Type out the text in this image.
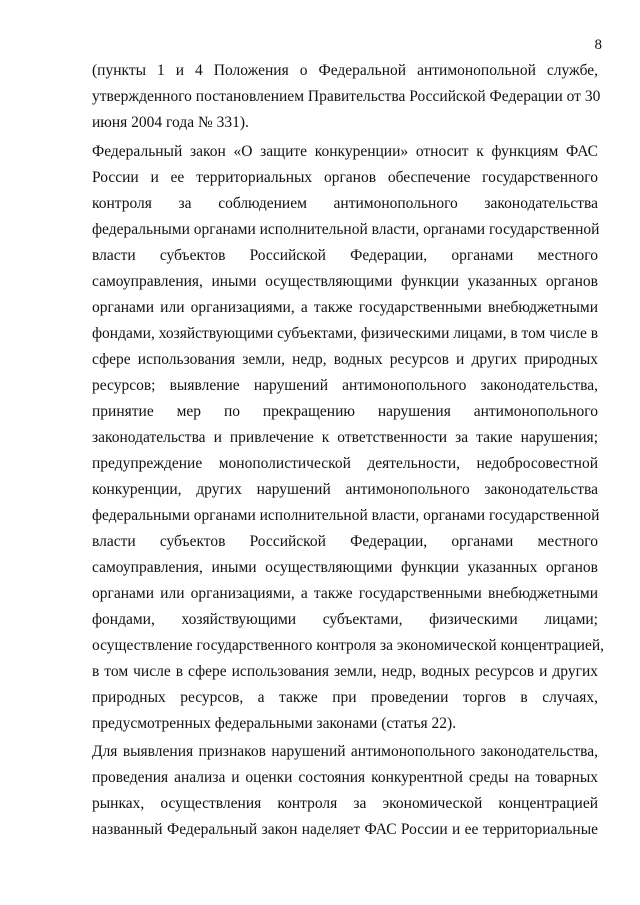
8
(пункты 1 и 4 Положения о Федеральной антимонопольной службе,
утвержденного постановлением Правительства Российской Федерации от 30
июня 2004 года № 331).
Федеральный закон «О защите конкуренции» относит к функциям ФАС
России и ее территориальных органов обеспечение государственного
контроля за соблюдением антимонопольного законодательства
федеральными органами исполнительной власти, органами государственной
власти субъектов Российской Федерации, органами местного
самоуправления, иными осуществляющими функции указанных органов
органами или организациями, а также государственными внебюджетными
фондами, хозяйствующими субъектами, физическими лицами, в том числе в
сфере использования земли, недр, водных ресурсов и других природных
ресурсов; выявление нарушений антимонопольного законодательства,
принятие мер по прекращению нарушения антимонопольного
законодательства и привлечение к ответственности за такие нарушения;
предупреждение монополистической деятельности, недобросовестной
конкуренции, других нарушений антимонопольного законодательства
федеральными органами исполнительной власти, органами государственной
власти субъектов Российской Федерации, органами местного
самоуправления, иными осуществляющими функции указанных органов
органами или организациями, а также государственными внебюджетными
фондами, хозяйствующими субъектами, физическими лицами;
осуществление государственного контроля за экономической концентрацией,
в том числе в сфере использования земли, недр, водных ресурсов и других
природных ресурсов, а также при проведении торгов в случаях,
предусмотренных федеральными законами (статья 22).
Для выявления признаков нарушений антимонопольного законодательства,
проведения анализа и оценки состояния конкурентной среды на товарных
рынках, осуществления контроля за экономической концентрацией
названный Федеральный закон наделяет ФАС России и ее территориальные
